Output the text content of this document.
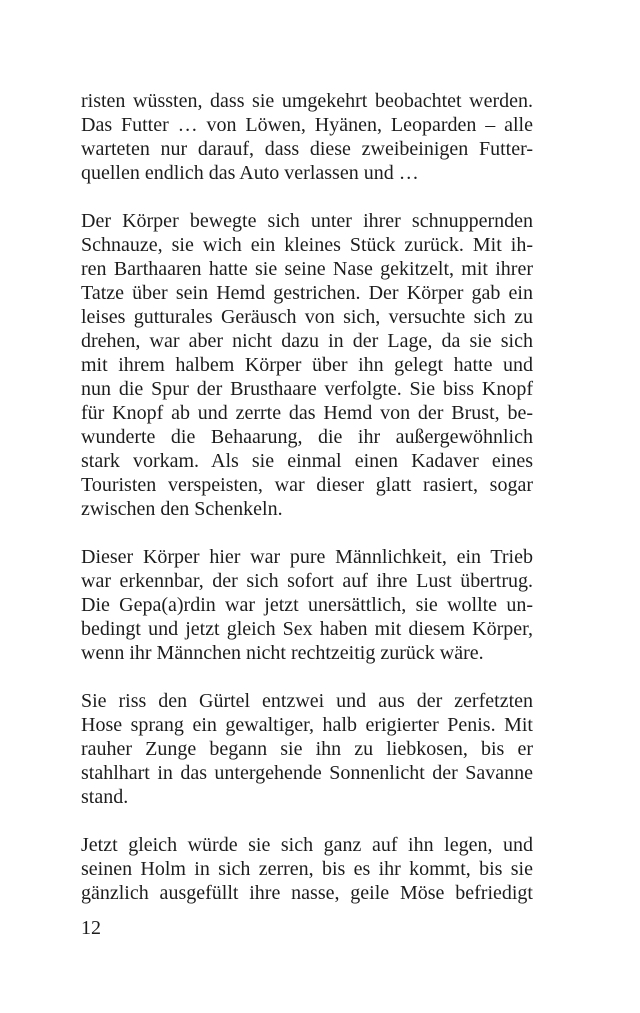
risten wüssten, dass sie umgekehrt beobachtet werden.
Das Futter … von Löwen, Hyänen, Leoparden – alle
warteten nur darauf, dass diese zweibeinigen Futter-
quellen endlich das Auto verlassen und …
Der Körper bewegte sich unter ihrer schnuppernden
Schnauze, sie wich ein kleines Stück zurück. Mit ih-
ren Barthaaren hatte sie seine Nase gekitzelt, mit ihrer
Tatze über sein Hemd gestrichen. Der Körper gab ein
leises gutturales Geräusch von sich, versuchte sich zu
drehen, war aber nicht dazu in der Lage, da sie sich
mit ihrem halbem Körper über ihn gelegt hatte und
nun die Spur der Brusthaare verfolgte. Sie biss Knopf
für Knopf ab und zerrte das Hemd von der Brust, be-
wunderte die Behaarung, die ihr außergewöhnlich
stark vorkam. Als sie einmal einen Kadaver eines
Touristen verspeisten, war dieser glatt rasiert, sogar
zwischen den Schenkeln.
Dieser Körper hier war pure Männlichkeit, ein Trieb
war erkennbar, der sich sofort auf ihre Lust übertrug.
Die Gepa(a)rdin war jetzt unersättlich, sie wollte un-
bedingt und jetzt gleich Sex haben mit diesem Körper,
wenn ihr Männchen nicht rechtzeitig zurück wäre.
Sie riss den Gürtel entzwei und aus der zerfetzten
Hose sprang ein gewaltiger, halb erigierter Penis. Mit
rauher Zunge begann sie ihn zu liebkosen, bis er
stahlhart in das untergehende Sonnenlicht der Savanne
stand.
Jetzt gleich würde sie sich ganz auf ihn legen, und
seinen Holm in sich zerren, bis es ihr kommt, bis sie
gänzlich ausgefüllt ihre nasse, geile Möse befriedigt
12
